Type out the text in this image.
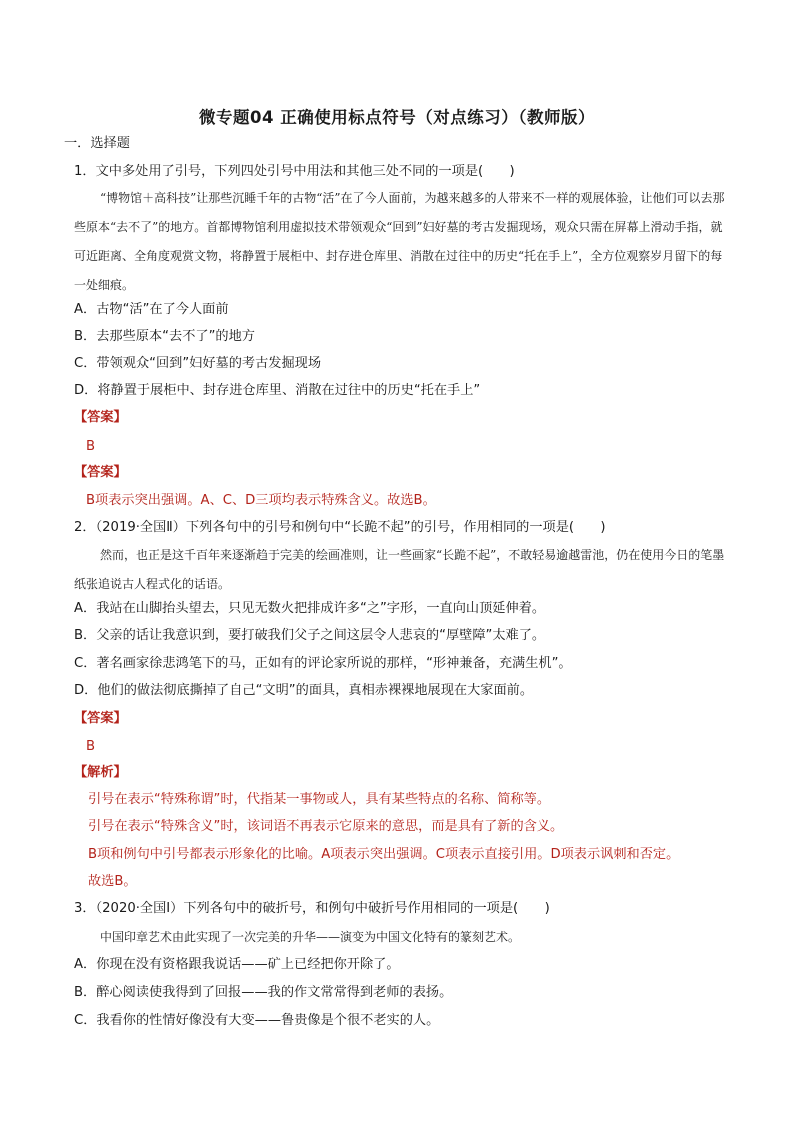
微专题04 正确使用标点符号（对点练习）（教师版）
一．选择题
1．文中多处用了引号，下列四处引号中用法和其他三处不同的一项是(　　)
“博物馆＋高科技”让那些沉睡千年的古物“活”在了今人面前，为越来越多的人带来不一样的观展体验，让他们可以去那些原本“去不了”的地方。首都博物馆利用虚拟技术带领观众“回到”妇好墓的考古发掘现场，观众只需在屏幕上滑动手指，就可近距离、全角度观赏文物，将静置于展柜中、封存进仓库里、消散在过往中的历史“托在手上”，全方位观察岁月留下的每一处细痕。
A．古物“活”在了今人面前
B．去那些原本“去不了”的地方
C．带领观众“回到”妇好墓的考古发掘现场
D．将静置于展柜中、封存进仓库里、消散在过往中的历史“托在手上”
【答案】
B
【答案】
B项表示突出强调。A、C、D三项均表示特殊含义。故选B。
2．（2019·全国Ⅱ）下列各句中的引号和例句中“长跪不起”的引号，作用相同的一项是(　　)
然而，也正是这千百年来逐渐趋于完美的绘画准则，让一些画家“长跪不起”，不敢轻易逾越雷池，仍在使用今日的笔墨纸张追说古人程式化的话语。
A．我站在山脚抬头望去，只见无数火把排成许多“之”字形，一直向山顶延伸着。
B．父亲的话让我意识到，要打破我们父子之间这层令人悲哀的“厚壁障”太难了。
C．著名画家徐悲鸿笔下的马，正如有的评论家所说的那样，“形神兼备，充满生机”。
D．他们的做法彻底撕掉了自己“文明”的面具，真相赤裸裸地展现在大家面前。
【答案】
B
【解析】
引号在表示“特殊称谓”时，代指某一事物或人，具有某些特点的名称、简称等。
引号在表示“特殊含义”时，该词语不再表示它原来的意思，而是具有了新的含义。
B项和例句中引号都表示形象化的比喻。A项表示突出强调。C项表示直接引用。D项表示讽刺和否定。
故选B。
3．（2020·全国Ⅰ）下列各句中的破折号，和例句中破折号作用相同的一项是(　　)
中国印章艺术由此实现了一次完美的升华——演变为中国文化特有的篆刻艺术。
A．你现在没有资格跟我说话——矿上已经把你开除了。
B．醉心阅读使我得到了回报——我的作文常常得到老师的表扬。
C．我看你的性情好像没有大变——鲁贵像是个很不老实的人。
